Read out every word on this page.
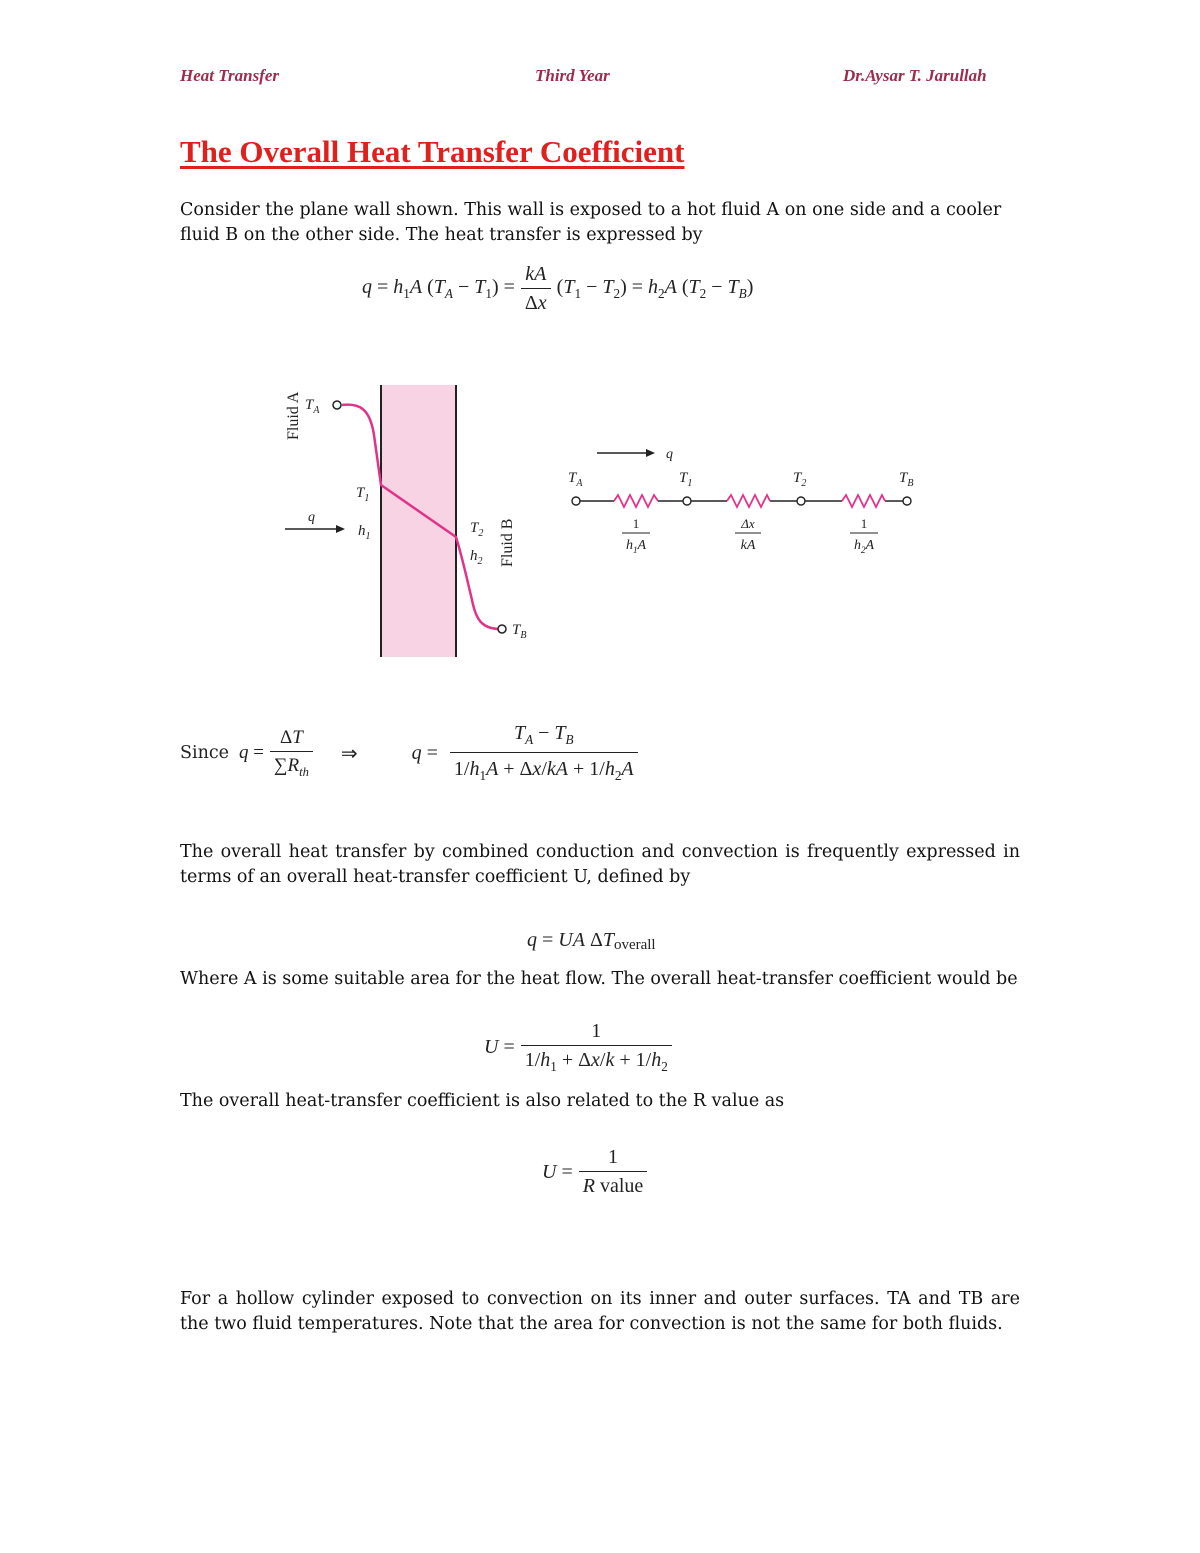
Heat Transfer	Third Year	Dr.Aysar T. Jarullah
The Overall Heat Transfer Coefficient

Consider the plane wall shown. This wall is exposed to a hot fluid A on one side and a cooler fluid B on the other side. The heat transfer is expressed by

$q = h_1A$ $(T_A - T_1) = \frac{kA}{\Delta x} (T_1 - T_2) = h_2A$ $(T_2 - T_B)$
Fluid A
Fluid B
$T_A$
$T_1$
$h_1$
$T_2$
$h_2$
$T_B$
q
q
$T_A$	$T_1$	$T_2$	$T_B$
1
$h_1A$
Δx
kA
1
$h_2A$
Since $q = \frac{\Delta T}{\sum R_{th}}$ ⇒	$q = \frac{T_A - T_B}{1/h_1A + \Delta x/kA + 1/h_2A}$

The overall heat transfer by combined conduction and convection is frequently expressed in terms of an overall heat-transfer coefficient U, defined by

q = UA $\Delta T_{overall}$

Where A is some suitable area for the heat flow. The overall heat-transfer coefficient would be

$U = \frac{1}{1/h_1 + \Delta x/k + 1/h_2}$

The overall heat-transfer coefficient is also related to the R value as

$U = \frac{1}{\text{R value}}$

For a hollow cylinder exposed to convection on its inner and outer surfaces. TA and TB are the two fluid temperatures. Note that the area for convection is not the same for both fluids.
